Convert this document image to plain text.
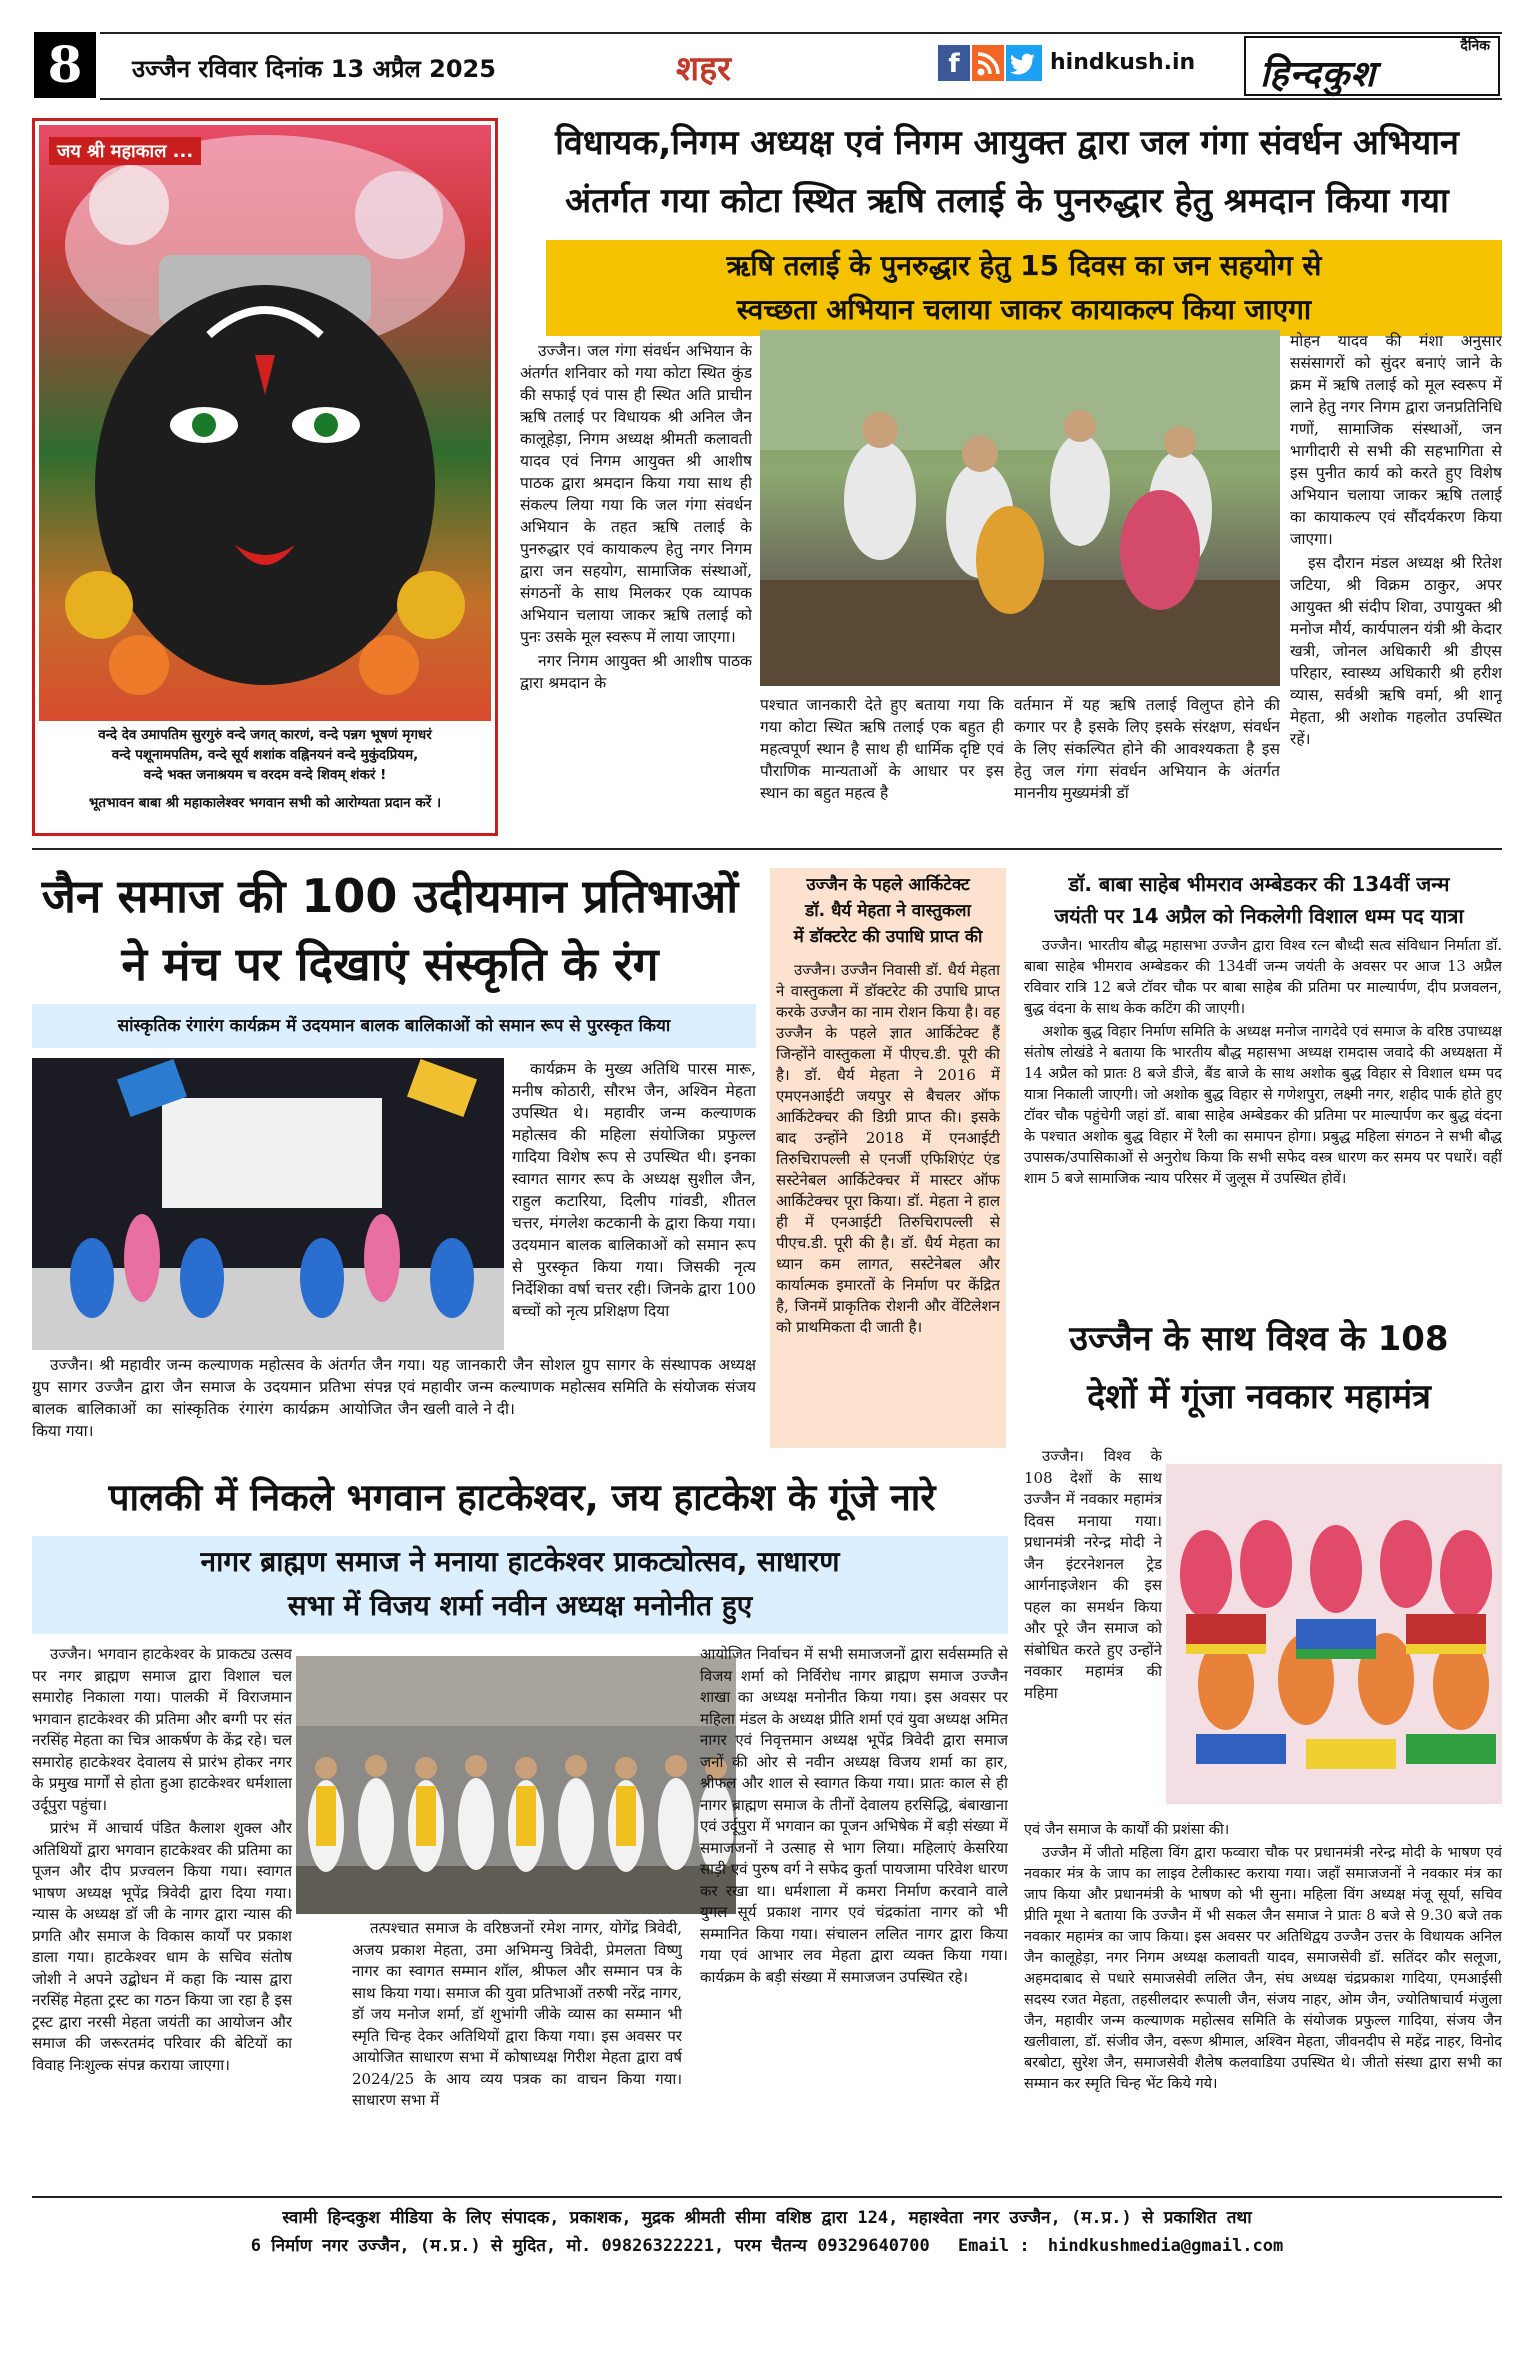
8	उज्जैन रविवार दिनांक 13 अप्रैल 2025	शहर	f	hindkush.in
दैनिक
हिन्दकुश
जय श्री महाकाल ...
वन्दे देव उमापतिम सुरगुरुं वन्दे जगत् कारणं, वन्दे पन्नग भूषणं मृगधरं
वन्दे पशूनामपतिम, वन्दे सूर्य शशांक वह्निनयनं वन्दे मुकुंदप्रियम,
वन्दे भक्त जनाश्रयम च वरदम वन्दे शिवम् शंकरं !
भूतभावन बाबा श्री महाकालेश्वर भगवान सभी को आरोग्यता प्रदान करें ।
विधायक,निगम अध्यक्ष एवं निगम आयुक्त द्वारा जल गंगा संवर्धन अभियान
अंतर्गत गया कोटा स्थित ऋषि तलाई के पुनरुद्धार हेतु श्रमदान किया गया
ऋषि तलाई के पुनरुद्धार हेतु 15 दिवस का जन सहयोग से
स्वच्छता अभियान चलाया जाकर कायाकल्प किया जाएगा

उज्जैन। जल गंगा संवर्धन अभियान के अंतर्गत शनिवार को गया कोटा स्थित कुंड की सफाई एवं पास ही स्थित अति प्राचीन ऋषि तलाई पर विधायक श्री अनिल जैन कालूहेड़ा, निगम अध्यक्ष श्रीमती कलावती यादव एवं निगम आयुक्त श्री आशीष पाठक द्वारा श्रमदान किया गया साथ ही संकल्प लिया गया कि जल गंगा संवर्धन अभियान के तहत ऋषि तलाई के पुनरुद्धार एवं कायाकल्प हेतु नगर निगम द्वारा जन सहयोग, सामाजिक संस्थाओं, संगठनों के साथ मिलकर एक व्यापक अभियान चलाया जाकर ऋषि तलाई को पुनः उसके मूल स्वरूप में लाया जाएगा।

नगर निगम आयुक्त श्री आशीष पाठक द्वारा श्रमदान के

पश्चात जानकारी देते हुए बताया गया कि गया कोटा स्थित ऋषि तलाई एक बहुत ही महत्वपूर्ण स्थान है साथ ही धार्मिक दृष्टि एवं पौराणिक मान्यताओं के आधार पर इस स्थान का बहुत महत्व है

वर्तमान में यह ऋषि तलाई विलुप्त होने की कगार पर है इसके लिए इसके संरक्षण, संवर्धन के लिए संकल्पित होने की आवश्यकता है इस हेतु जल गंगा संवर्धन अभियान के अंतर्गत माननीय मुख्यमंत्री डॉ

मोहन यादव की मंशा अनुसार ससंसागरों को सुंदर बनाएं जाने के क्रम में ऋषि तलाई को मूल स्वरूप में लाने हेतु नगर निगम द्वारा जनप्रतिनिधि गणों, सामाजिक संस्थाओं, जन भागीदारी से सभी की सहभागिता से इस पुनीत कार्य को करते हुए विशेष अभियान चलाया जाकर ऋषि तलाई का कायाकल्प एवं सौंदर्यकरण किया जाएगा।

इस दौरान मंडल अध्यक्ष श्री रितेश जटिया, श्री विक्रम ठाकुर, अपर आयुक्त श्री संदीप शिवा, उपायुक्त श्री मनोज मौर्य, कार्यपालन यंत्री श्री केदार खत्री, जोनल अधिकारी श्री डीएस परिहार, स्वास्थ्य अधिकारी श्री हरीश व्यास, सर्वश्री ऋषि वर्मा, श्री शानू मेहता, श्री अशोक गहलोत उपस्थित रहें।

जैन समाज की 100 उदीयमान प्रतिभाओं
ने मंच पर दिखाएं संस्कृति के रंग
सांस्कृतिक रंगारंग कार्यक्रम में उदयमान बालक बालिकाओं को समान रूप से पुरस्कृत किया

कार्यक्रम के मुख्य अतिथि पारस मारू, मनीष कोठारी, सौरभ जैन, अश्विन मेहता उपस्थित थे। महावीर जन्म कल्याणक महोत्सव की महिला संयोजिका प्रफुल्ल गादिया विशेष रूप से उपस्थित थी। इनका स्वागत सागर रूप के अध्यक्ष सुशील जैन, राहुल कटारिया, दिलीप गांवडी, शीतल चत्तर, मंगलेश कटकानी के द्वारा किया गया। उदयमान बालक बालिकाओं को समान रूप से पुरस्कृत किया गया। जिसकी नृत्य निर्देशिका वर्षा चत्तर रही। जिनके द्वारा 100 बच्चों को नृत्य प्रशिक्षण दिया

उज्जैन। श्री महावीर जन्म कल्याणक महोत्सव के अंतर्गत जैन ग्रुप सागर उज्जैन द्वारा जैन समाज के उदयमान प्रतिभा संपन्न बालक बालिकाओं का सांस्कृतिक रंगारंग कार्यक्रम आयोजित किया गया।

गया। यह जानकारी जैन सोशल ग्रुप सागर के संस्थापक अध्यक्ष एवं महावीर जन्म कल्याणक महोत्सव समिति के संयोजक संजय जैन खली वाले ने दी।

उज्जैन के पहले आर्किटेक्ट
डॉ. धैर्य मेहता ने वास्तुकला
में डॉक्टरेट की उपाधि प्राप्त की

उज्जैन। उज्जैन निवासी डॉ. धैर्य मेहता ने वास्तुकला में डॉक्टरेट की उपाधि प्राप्त करके उज्जैन का नाम रोशन किया है। वह उज्जैन के पहले ज्ञात आर्किटेक्ट हैं जिन्होंने वास्तुकला में पीएच.डी. पूरी की है। डॉ. धैर्य मेहता ने 2016 में एमएनआईटी जयपुर से बैचलर ऑफ आर्किटेक्चर की डिग्री प्राप्त की। इसके बाद उन्होंने 2018 में एनआईटी तिरुचिरापल्ली से एनर्जी एफिशिएंट एंड सस्टेनेबल आर्किटेक्चर में मास्टर ऑफ आर्किटेक्चर पूरा किया। डॉ. मेहता ने हाल ही में एनआईटी तिरुचिरापल्ली से पीएच.डी. पूरी की है। डॉ. धैर्य मेहता का ध्यान कम लागत, सस्टेनेबल और कार्यात्मक इमारतों के निर्माण पर केंद्रित है, जिनमें प्राकृतिक रोशनी और वेंटिलेशन को प्राथमिकता दी जाती है।

डॉ. बाबा साहेब भीमराव अम्बेडकर की 134वीं जन्म
जयंती पर 14 अप्रैल को निकलेगी विशाल धम्म पद यात्रा

उज्जैन। भारतीय बौद्ध महासभा उज्जैन द्वारा विश्व रत्न बौध्दी सत्व संविधान निर्माता डॉ. बाबा साहेब भीमराव अम्बेडकर की 134वीं जन्म जयंती के अवसर पर आज 13 अप्रैल रविवार रात्रि 12 बजे टॉवर चौक पर बाबा साहेब की प्रतिमा पर माल्यार्पण, दीप प्रजवलन, बुद्ध वंदना के साथ केक कटिंग की जाएगी।

अशोक बुद्ध विहार निर्माण समिति के अध्यक्ष मनोज नागदेवे एवं समाज के वरिष्ठ उपाध्यक्ष संतोष लोखंडे ने बताया कि भारतीय बौद्ध महासभा अध्यक्ष रामदास जवादे की अध्यक्षता में 14 अप्रैल को प्रातः 8 बजे डीजे, बैंड बाजे के साथ अशोक बुद्ध विहार से विशाल धम्म पद यात्रा निकाली जाएगी। जो अशोक बुद्ध विहार से गणेशपुरा, लक्ष्मी नगर, शहीद पार्क होते हुए टॉवर चौक पहुंचेगी जहां डॉ. बाबा साहेब अम्बेडकर की प्रतिमा पर माल्यार्पण कर बुद्ध वंदना के पश्चात अशोक बुद्ध विहार में रैली का समापन होगा। प्रबुद्ध महिला संगठन ने सभी बौद्ध उपासक/उपासिकाओं से अनुरोध किया कि सभी सफेद वस्त्र धारण कर समय पर पधारें। वहीं शाम 5 बजे सामाजिक न्याय परिसर में जुलूस में उपस्थित होवें।

उज्जैन के साथ विश्व के 108
देशों में गूंजा नवकार महामंत्र

उज्जैन। विश्व के 108 देशों के साथ उज्जैन में नवकार महामंत्र दिवस मनाया गया। प्रधानमंत्री नरेन्द्र मोदी ने जैन इंटरनेशनल ट्रेड आर्गनाइजेशन की इस पहल का समर्थन किया और पूरे जैन समाज को संबोधित करते हुए उन्होंने नवकार महामंत्र की महिमा

एवं जैन समाज के कार्यों की प्रशंसा की।

उज्जैन में जीतो महिला विंग द्वारा फव्वारा चौक पर प्रधानमंत्री नरेन्द्र मोदी के भाषण एवं नवकार मंत्र के जाप का लाइव टेलीकास्ट कराया गया। जहाँ समाजजनों ने नवकार मंत्र का जाप किया और प्रधानमंत्री के भाषण को भी सुना। महिला विंग अध्यक्ष मंजू सूर्या, सचिव प्रीति मूथा ने बताया कि उज्जैन में भी सकल जैन समाज ने प्रातः 8 बजे से 9.30 बजे तक नवकार महामंत्र का जाप किया। इस अवसर पर अतिथिद्वय उज्जैन उत्तर के विधायक अनिल जैन कालूहेड़ा, नगर निगम अध्यक्ष कलावती यादव, समाजसेवी डॉ. सतिंदर कौर सलूजा, अहमदाबाद से पधारे समाजसेवी ललित जैन, संघ अध्यक्ष चंद्रप्रकाश गादिया, एमआईसी सदस्य रजत मेहता, तहसीलदार रूपाली जैन, संजय नाहर, ओम जैन, ज्योतिषाचार्य मंजुला जैन, महावीर जन्म कल्याणक महोत्सव समिति के संयोजक प्रफुल्ल गादिया, संजय जैन खलीवाला, डॉ. संजीव जैन, वरूण श्रीमाल, अश्विन मेहता, जीवनदीप से महेंद्र नाहर, विनोद बरबोटा, सुरेश जैन, समाजसेवी शैलेष कलवाडिया उपस्थित थे। जीतो संस्था द्वारा सभी का सम्मान कर स्मृति चिन्ह भेंट किये गये।

पालकी में निकले भगवान हाटकेश्वर, जय हाटकेश के गूंजे नारे
नागर ब्राह्मण समाज ने मनाया हाटकेश्वर प्राकट्योत्सव, साधारण
सभा में विजय शर्मा नवीन अध्यक्ष मनोनीत हुए

उज्जैन। भगवान हाटकेश्वर के प्राकट्य उत्सव पर नगर ब्राह्मण समाज द्वारा विशाल चल समारोह निकाला गया। पालकी में विराजमान भगवान हाटकेश्वर की प्रतिमा और बग्गी पर संत नरसिंह मेहता का चित्र आकर्षण के केंद्र रहे। चल समारोह हाटकेश्वर देवालय से प्रारंभ होकर नगर के प्रमुख मार्गों से होता हुआ हाटकेश्वर धर्मशाला उर्दूपुरा पहुंचा।

प्रारंभ में आचार्य पंडित कैलाश शुक्ल और अतिथियों द्वारा भगवान हाटकेश्वर की प्रतिमा का पूजन और दीप प्रज्वलन किया गया। स्वागत भाषण अध्यक्ष भूपेंद्र त्रिवेदी द्वारा दिया गया। न्यास के अध्यक्ष डॉ जी के नागर द्वारा न्यास की प्रगति और समाज के विकास कार्यों पर प्रकाश डाला गया। हाटकेश्वर धाम के सचिव संतोष जोशी ने अपने उद्बोधन में कहा कि न्यास द्वारा नरसिंह मेहता ट्रस्ट का गठन किया जा रहा है इस ट्रस्ट द्वारा नरसी मेहता जयंती का आयोजन और समाज की जरूरतमंद परिवार की बेटियों का विवाह निःशुल्क संपन्न कराया जाएगा।

तत्पश्चात समाज के वरिष्ठजनों रमेश नागर, योगेंद्र त्रिवेदी, अजय प्रकाश मेहता, उमा अभिमन्यु त्रिवेदी, प्रेमलता विष्णु नागर का स्वागत सम्मान शॉल, श्रीफल और सम्मान पत्र के साथ किया गया। समाज की युवा प्रतिभाओं तरुषी नरेंद्र नागर, डॉ जय मनोज शर्मा, डॉ शुभांगी जीके व्यास का सम्मान भी स्मृति चिन्ह देकर अतिथियों द्वारा किया गया। इस अवसर पर आयोजित साधारण सभा में कोषाध्यक्ष गिरीश मेहता द्वारा वर्ष 2024/25 के आय व्यय पत्रक का वाचन किया गया। साधारण सभा में

आयोजित निर्वाचन में सभी समाजजनों द्वारा सर्वसम्मति से विजय शर्मा को निर्विरोध नागर ब्राह्मण समाज उज्जैन शाखा का अध्यक्ष मनोनीत किया गया। इस अवसर पर महिला मंडल के अध्यक्ष प्रीति शर्मा एवं युवा अध्यक्ष अमित नागर एवं निवृत्तमान अध्यक्ष भूपेंद्र त्रिवेदी द्वारा समाज जनों की ओर से नवीन अध्यक्ष विजय शर्मा का हार, श्रीफल और शाल से स्वागत किया गया। प्रातः काल से ही नागर ब्राह्मण समाज के तीनों देवालय हरसिद्धि, बंबाखाना एवं उर्दूपुरा में भगवान का पूजन अभिषेक में बड़ी संख्या में समाजजनों ने उत्साह से भाग लिया। महिलाएं केसरिया साड़ी एवं पुरुष वर्ग ने सफेद कुर्ता पायजामा परिवेश धारण कर रखा था। धर्मशाला में कमरा निर्माण करवाने वाले युगल सूर्य प्रकाश नागर एवं चंद्रकांता नागर को भी सम्मानित किया गया। संचालन ललित नागर द्वारा किया गया एवं आभार लव मेहता द्वारा व्यक्त किया गया। कार्यक्रम के बड़ी संख्या में समाजजन उपस्थित रहे।

स्वामी हिन्दकुश मीडिया के लिए संपादक, प्रकाशक, मुद्रक श्रीमती सीमा वशिष्ठ द्वारा 124, महाश्वेता नगर उज्जैन, (म.प्र.) से प्रकाशित तथा
6 निर्माण नगर उज्जैन, (म.प्र.) से मुदित, मो. 09826322221, परम चैतन्य 09329640700 Email : hindkushmedia@gmail.com
